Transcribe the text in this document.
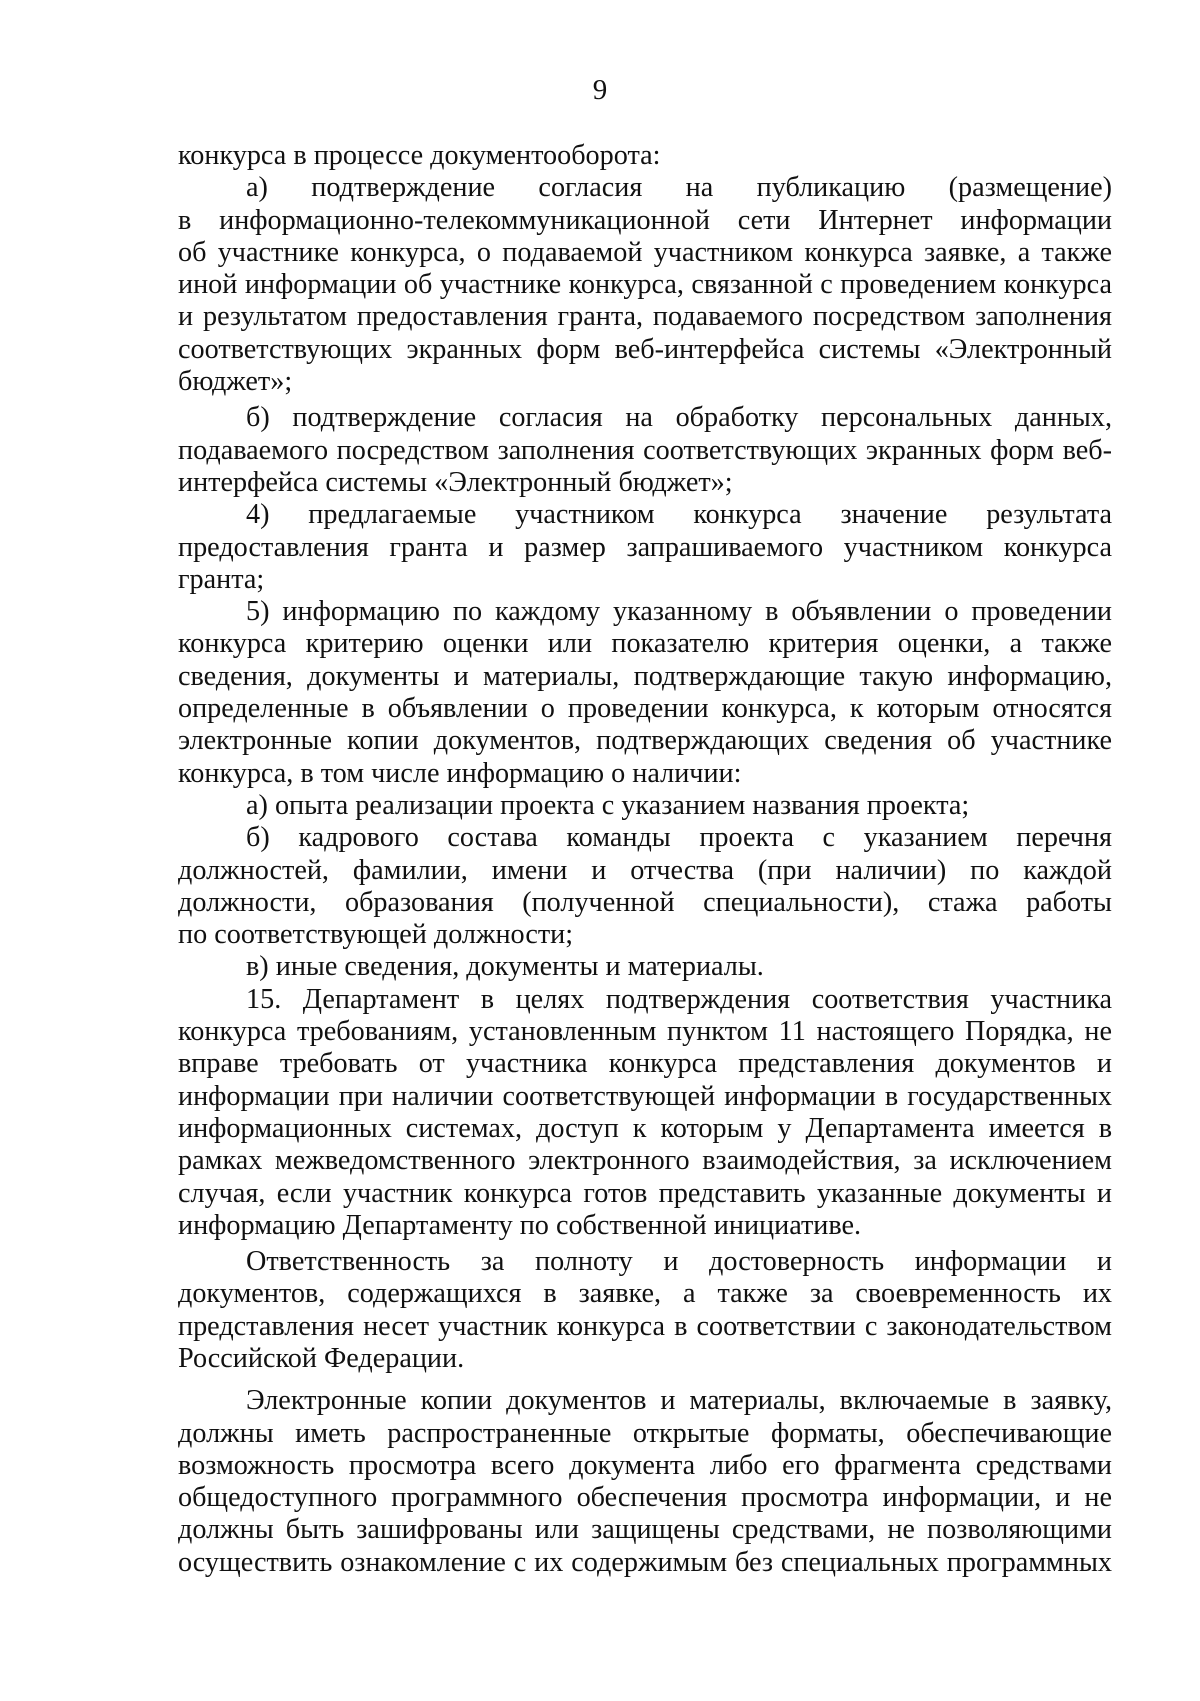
9
конкурса в процессе документооборота:
а) подтверждение согласия на публикацию (размещение)
в информационно-телекоммуникационной сети Интернет информации
об участнике конкурса, о подаваемой участником конкурса заявке, а также
иной информации об участнике конкурса, связанной с проведением конкурса
и результатом предоставления гранта, подаваемого посредством заполнения
соответствующих экранных форм веб-интерфейса системы «Электронный
бюджет»;
б) подтверждение согласия на обработку персональных данных,
подаваемого посредством заполнения соответствующих экранных форм веб-
интерфейса системы «Электронный бюджет»;
4) предлагаемые участником конкурса значение результата
предоставления гранта и размер запрашиваемого участником конкурса
гранта;
5) информацию по каждому указанному в объявлении о проведении
конкурса критерию оценки или показателю критерия оценки, а также
сведения, документы и материалы, подтверждающие такую информацию,
определенные в объявлении о проведении конкурса, к которым относятся
электронные копии документов, подтверждающих сведения об участнике
конкурса, в том числе информацию о наличии:
а) опыта реализации проекта с указанием названия проекта;
б) кадрового состава команды проекта с указанием перечня
должностей, фамилии, имени и отчества (при наличии) по каждой
должности, образования (полученной специальности), стажа работы
по соответствующей должности;
в) иные сведения, документы и материалы.
15. Департамент в целях подтверждения соответствия участника
конкурса требованиям, установленным пунктом 11 настоящего Порядка, не
вправе требовать от участника конкурса представления документов и
информации при наличии соответствующей информации в государственных
информационных системах, доступ к которым у Департамента имеется в
рамках межведомственного электронного взаимодействия, за исключением
случая, если участник конкурса готов представить указанные документы и
информацию Департаменту по собственной инициативе.
Ответственность за полноту и достоверность информации и
документов, содержащихся в заявке, а также за своевременность их
представления несет участник конкурса в соответствии с законодательством
Российской Федерации.
Электронные копии документов и материалы, включаемые в заявку,
должны иметь распространенные открытые форматы, обеспечивающие
возможность просмотра всего документа либо его фрагмента средствами
общедоступного программного обеспечения просмотра информации, и не
должны быть зашифрованы или защищены средствами, не позволяющими
осуществить ознакомление с их содержимым без специальных программных
